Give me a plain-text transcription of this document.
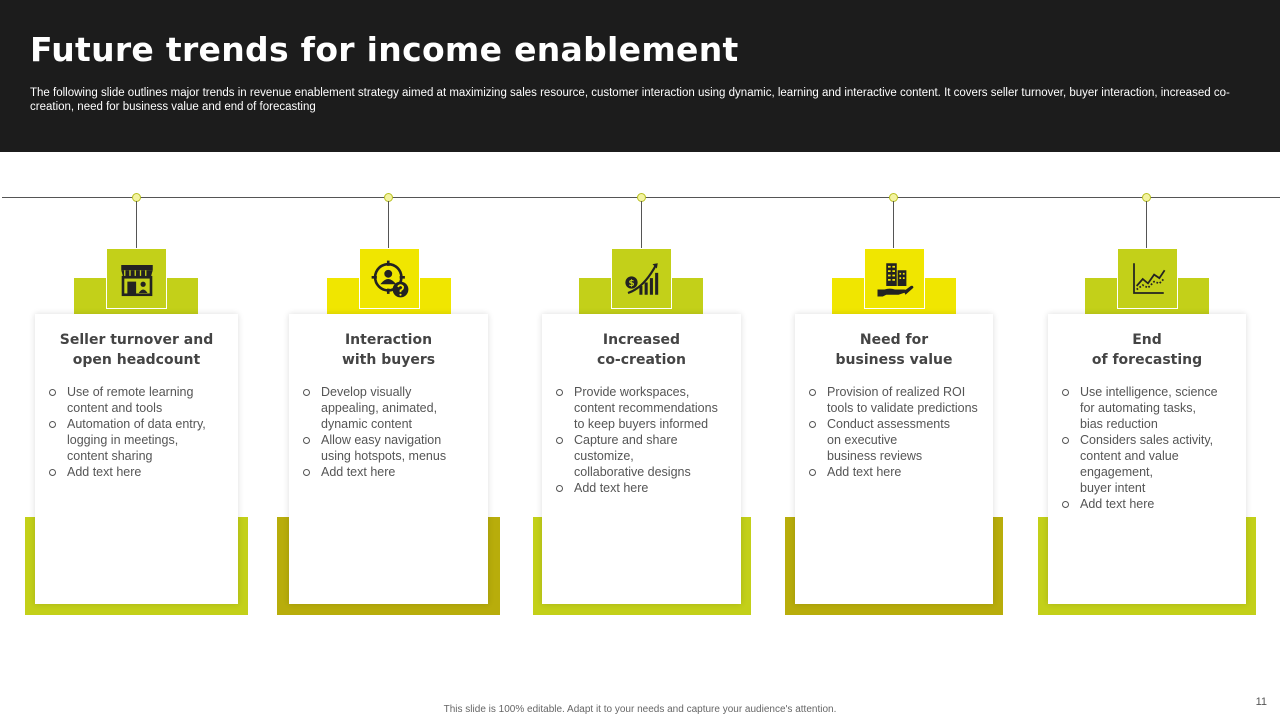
Future trends for income enablement
The following slide outlines major trends in revenue enablement strategy aimed at maximizing sales resource, customer interaction using dynamic, learning and interactive content. It covers seller turnover, buyer interaction, increased co-creation, need for business value and end of forecasting
Seller turnover and
open headcount
Use of remote learning
content and tools
Automation of data entry,
logging in meetings,
content sharing
Add text here
Interaction
with buyers
Develop visually
appealing, animated,
dynamic content
Allow easy navigation
using hotspots, menus
Add text here
$
Increased
co-creation
Provide workspaces,
content recommendations
to keep buyers informed
Capture and share
customize,
collaborative designs
Add text here
Need for
business value
Provision of realized ROI
tools to validate predictions
Conduct assessments
on executive
business reviews
Add text here
End
of forecasting
Use intelligence, science
for automating tasks,
bias reduction
Considers sales activity,
content and value
engagement,
buyer intent
Add text here
This slide is 100% editable. Adapt it to your needs and capture your audience's attention.
11
